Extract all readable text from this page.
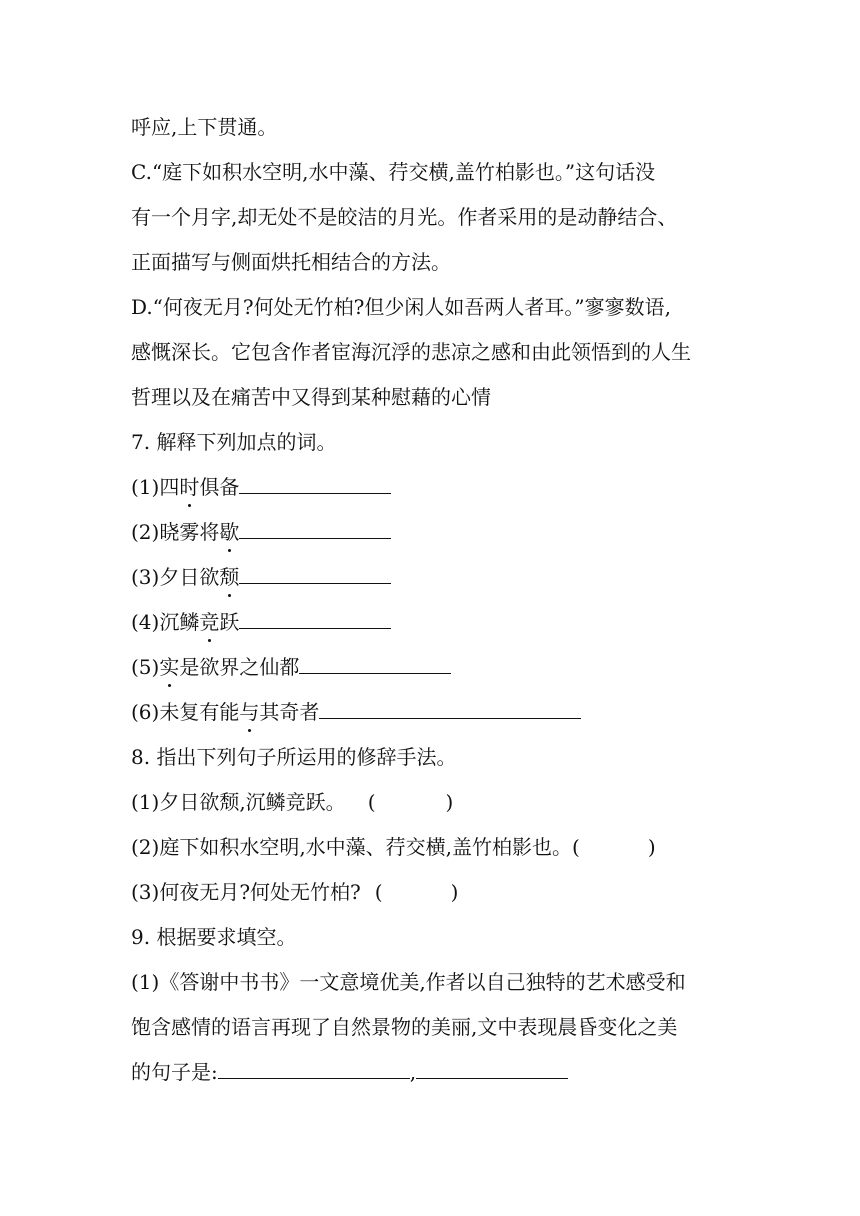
呼应,上下贯通。
C.“庭下如积水空明,水中藻、荇交横,盖竹柏影也。”这句话没
有一个月字,却无处不是皎洁的月光。作者采用的是动静结合、
正面描写与侧面烘托相结合的方法。
D.“何夜无月?何处无竹柏?但少闲人如吾两人者耳。”寥寥数语,
感慨深长。它包含作者宦海沉浮的悲凉之感和由此领悟到的人生
哲理以及在痛苦中又得到某种慰藉的心情
7. 解释下列加点的词。
(1)四时俱备
(2)晓雾将歇
(3)夕日欲颓
(4)沉鳞竞跃
(5)实是欲界之仙都
(6)未复有能与其奇者
8. 指出下列句子所运用的修辞手法。
(1)夕日欲颓,沉鳞竞跃。 (	)
(2)庭下如积水空明,水中藻、荇交横,盖竹柏影也。(	)
(3)何夜无月?何处无竹柏? (	)
9. 根据要求填空。
(1)《答谢中书书》一文意境优美,作者以自己独特的艺术感受和
饱含感情的语言再现了自然景物的美丽,文中表现晨昏变化之美
的句子是:	,
